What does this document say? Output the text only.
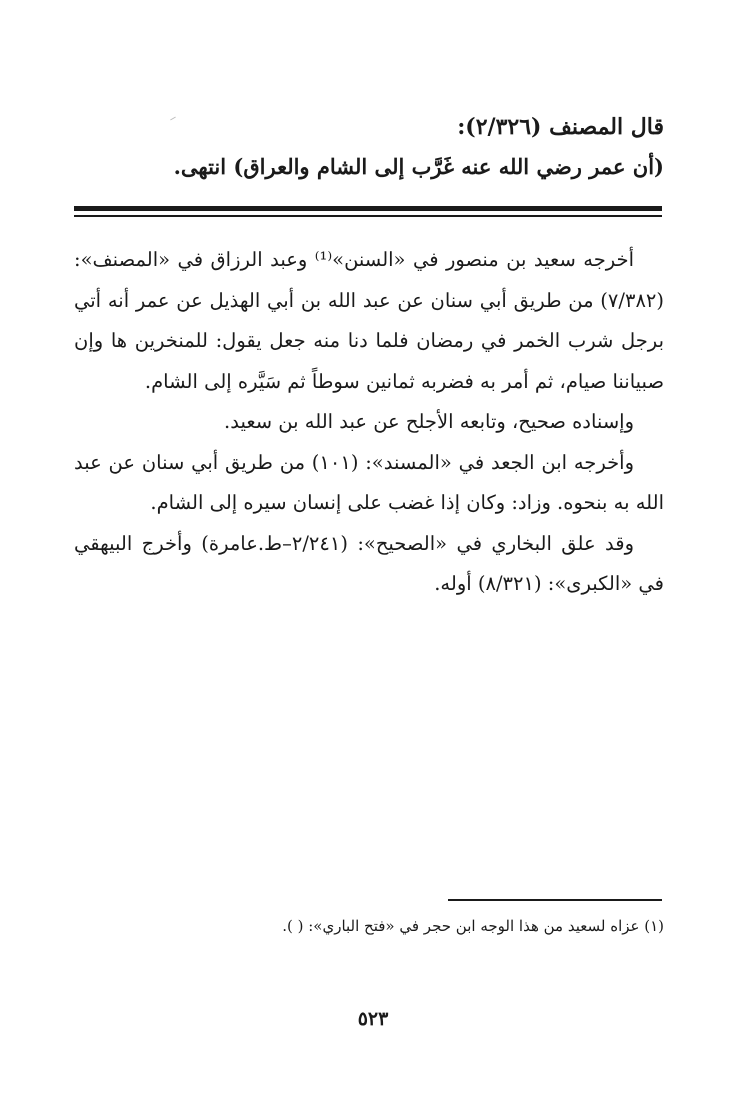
قال المصنف (٢/٣٢٦):
(أن عمر رضي الله عنه غَرَّب إلى الشام والعراق) انتهى.

أخرجه سعيد بن منصور في «السنن»⁽¹⁾ وعبد الرزاق في «المصنف»: (٧/٣٨٢) من طريق أبي سنان عن عبد الله بن أبي الهذيل عن عمر أنه أتي برجل شرب الخمر في رمضان فلما دنا منه جعل يقول: للمنخرين ها وإن صبياننا صيام، ثم أمر به فضربه ثمانين سوطاً ثم سَيَّره إلى الشام.

وإسناده صحيح، وتابعه الأجلح عن عبد الله بن سعيد.

وأخرجه ابن الجعد في «المسند»: (١٠١) من طريق أبي سنان عن عبد الله به بنحوه. وزاد: وكان إذا غضب على إنسان سيره إلى الشام.

وقد علق البخاري في «الصحيح»: (٢/٢٤١–ط.عامرة) وأخرج البيهقي في «الكبرى»: (٨/٣٢١) أوله.

(١) عزاه لسعيد من هذا الوجه ابن حجر في «فتح الباري»: ( ).
٥٢٣
